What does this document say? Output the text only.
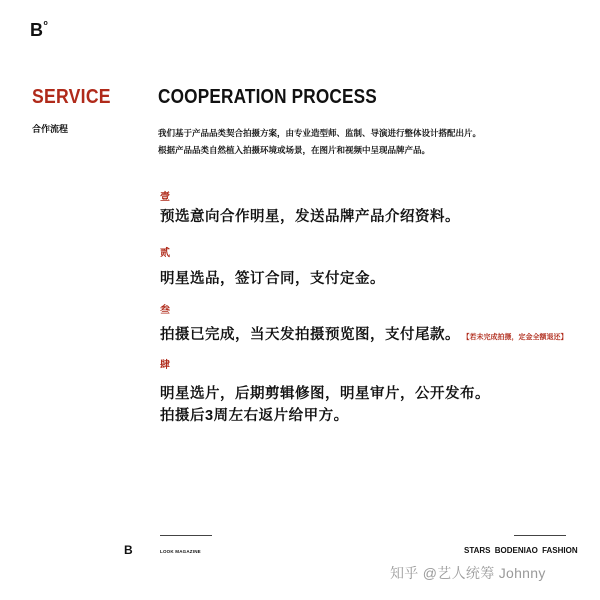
$B^o$
SERVICE
合作流程
COOPERATION PROCESS
我们基于产品品类契合拍摄方案，由专业造型师、监制、导演进行整体设计搭配出片。
根据产品品类自然植入拍摄环境或场景，在图片和视频中呈现品牌产品。
壹
预选意向合作明星，发送品牌产品介绍资料。
贰
明星选品，签订合同，支付定金。
叁
拍摄已完成，当天发拍摄预览图，支付尾款。 【若未完成拍摄，定金全额退还】
肆
明星选片，后期剪辑修图，明星审片，公开发布。
拍摄后3周左右返片给甲方。
B	LOOK MAGAZINE	STARS BODENIAO FASHION
知乎 @艺人统筹 Johnny
